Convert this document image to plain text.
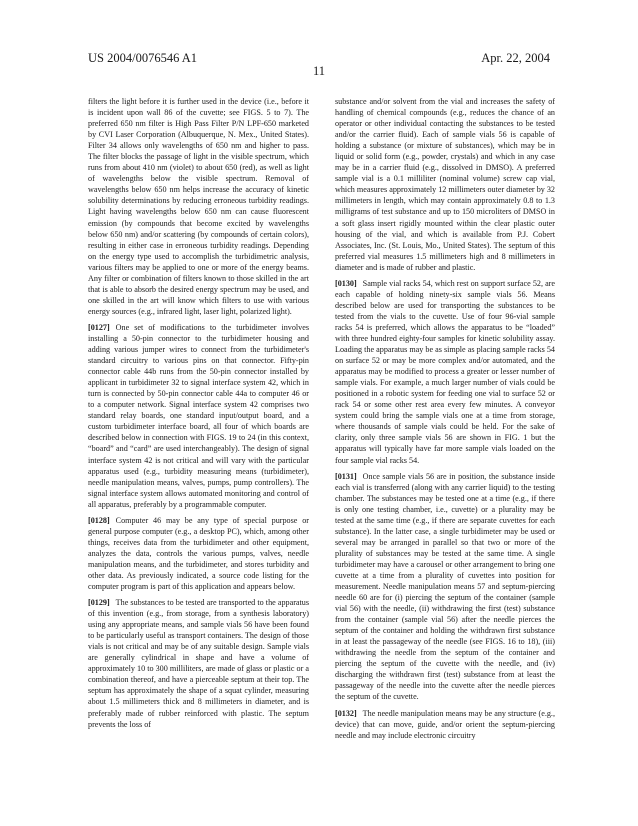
US 2004/0076546 A1	Apr. 22, 2004
11

filters the light before it is further used in the device (i.e., before it is incident upon wall 86 of the cuvette; see FIGS. 5 to 7). The preferred 650 nm filter is High Pass Filter P/N LPF-650 marketed by CVI Laser Corporation (Albuquerque, N. Mex., United States). Filter 34 allows only wavelengths of 650 nm and higher to pass. The filter blocks the passage of light in the visible spectrum, which runs from about 410 nm (violet) to about 650 (red), as well as light of wavelengths below the visible spectrum. Removal of wavelengths below 650 nm helps increase the accuracy of kinetic solubility determinations by reducing erroneous turbidity readings. Light having wavelengths below 650 nm can cause fluorescent emission (by compounds that become excited by wavelengths below 650 nm) and/or scattering (by compounds of certain colors), resulting in either case in erroneous turbidity readings. Depending on the energy type used to accomplish the turbidimetric analysis, various filters may be applied to one or more of the energy beams. Any filter or combination of filters known to those skilled in the art that is able to absorb the desired energy spectrum may be used, and one skilled in the art will know which filters to use with various energy sources (e.g., infrared light, laser light, polarized light).

[0127] One set of modifications to the turbidimeter involves installing a 50-pin connector to the turbidimeter housing and adding various jumper wires to connect from the turbidimeter's standard circuitry to various pins on that connector. Fifty-pin connector cable 44b runs from the 50-pin connector installed by applicant in turbidimeter 32 to signal interface system 42, which in turn is connected by 50-pin connector cable 44a to computer 46 or to a computer network. Signal interface system 42 comprises two standard relay boards, one standard input/output board, and a custom turbidimeter interface board, all four of which boards are described below in connection with FIGS. 19 to 24 (in this context, “board” and “card” are used interchangeably). The design of signal interface system 42 is not critical and will vary with the particular apparatus used (e.g., turbidity measuring means (turbidimeter), needle manipulation means, valves, pumps, pump controllers). The signal interface system allows automated monitoring and control of all apparatus, preferably by a programmable computer.

[0128] Computer 46 may be any type of special purpose or general purpose computer (e.g., a desktop PC), which, among other things, receives data from the turbidimeter and other equipment, analyzes the data, controls the various pumps, valves, needle manipulation means, and the turbidimeter, and stores turbidity and other data. As previously indicated, a source code listing for the computer program is part of this application and appears below.

[0129] The substances to be tested are transported to the apparatus of this invention (e.g., from storage, from a synthesis laboratory) using any appropriate means, and sample vials 56 have been found to be particularly useful as transport containers. The design of those vials is not critical and may be of any suitable design. Sample vials are generally cylindrical in shape and have a volume of approximately 10 to 300 milliliters, are made of glass or plastic or a combination thereof, and have a pierceable septum at their top. The septum has approximately the shape of a squat cylinder, measuring about 1.5 millimeters thick and 8 millimeters in diameter, and is preferably made of rubber reinforced with plastic. The septum prevents the loss of

substance and/or solvent from the vial and increases the safety of handling of chemical compounds (e.g., reduces the chance of an operator or other individual contacting the substances to be tested and/or the carrier fluid). Each of sample vials 56 is capable of holding a substance (or mixture of substances), which may be in liquid or solid form (e.g., powder, crystals) and which in any case may be in a carrier fluid (e.g., dissolved in DMSO). A preferred sample vial is a 0.1 milliliter (nominal volume) screw cap vial, which measures approximately 12 millimeters outer diameter by 32 millimeters in length, which may contain approximately 0.8 to 1.3 milligrams of test substance and up to 150 microliters of DMSO in a soft glass insert rigidly mounted within the clear plastic outer housing of the vial, and which is available from P.J. Cobert Associates, Inc. (St. Louis, Mo., United States). The septum of this preferred vial measures 1.5 millimeters high and 8 millimeters in diameter and is made of rubber and plastic.

[0130] Sample vial racks 54, which rest on support surface 52, are each capable of holding ninety-six sample vials 56. Means described below are used for transporting the substances to be tested from the vials to the cuvette. Use of four 96-vial sample racks 54 is preferred, which allows the apparatus to be “loaded” with three hundred eighty-four samples for kinetic solubility assay. Loading the apparatus may be as simple as placing sample racks 54 on surface 52 or may be more complex and/or automated, and the apparatus may be modified to process a greater or lesser number of sample vials. For example, a much larger number of vials could be positioned in a robotic system for feeding one vial to surface 52 or rack 54 or some other rest area every few minutes. A conveyor system could bring the sample vials one at a time from storage, where thousands of sample vials could be held. For the sake of clarity, only three sample vials 56 are shown in FIG. 1 but the apparatus will typically have far more sample vials loaded on the four sample vial racks 54.

[0131] Once sample vials 56 are in position, the substance inside each vial is transferred (along with any carrier liquid) to the testing chamber. The substances may be tested one at a time (e.g., if there is only one testing chamber, i.e., cuvette) or a plurality may be tested at the same time (e.g., if there are separate cuvettes for each substance). In the latter case, a single turbidimeter may be used or several may be arranged in parallel so that two or more of the plurality of substances may be tested at the same time. A single turbidimeter may have a carousel or other arrangement to bring one cuvette at a time from a plurality of cuvettes into position for measurement. Needle manipulation means 57 and septum-piercing needle 60 are for (i) piercing the septum of the container (sample vial 56) with the needle, (ii) withdrawing the first (test) substance from the container (sample vial 56) after the needle pierces the septum of the container and holding the withdrawn first substance in at least the passageway of the needle (see FIGS. 16 to 18), (iii) withdrawing the needle from the septum of the container and piercing the septum of the cuvette with the needle, and (iv) discharging the withdrawn first (test) substance from at least the passageway of the needle into the cuvette after the needle pierces the septum of the cuvette.

[0132] The needle manipulation means may be any structure (e.g., device) that can move, guide, and/or orient the septum-piercing needle and may include electronic circuitry
